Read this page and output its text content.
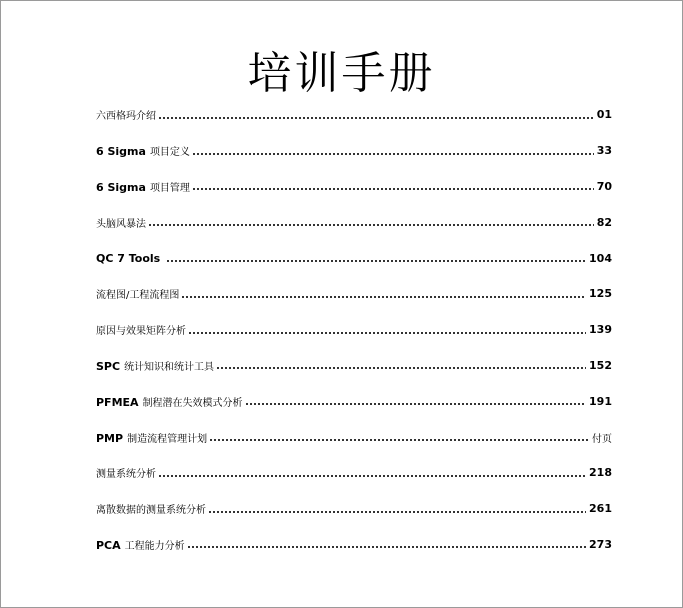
培训手册
六西格玛介绍	01
6 Sigma 项目定义	33
6 Sigma 项目管理	70
头脑风暴法	82
QC 7 Tools	104
流程图/工程流程图	125
原因与效果矩阵分析	139
SPC 统计知识和统计工具	152
PFMEA 制程潜在失效模式分析	191
PMP 制造流程管理计划	付页
测量系统分析	218
离散数据的测量系统分析	261
PCA 工程能力分析	273
